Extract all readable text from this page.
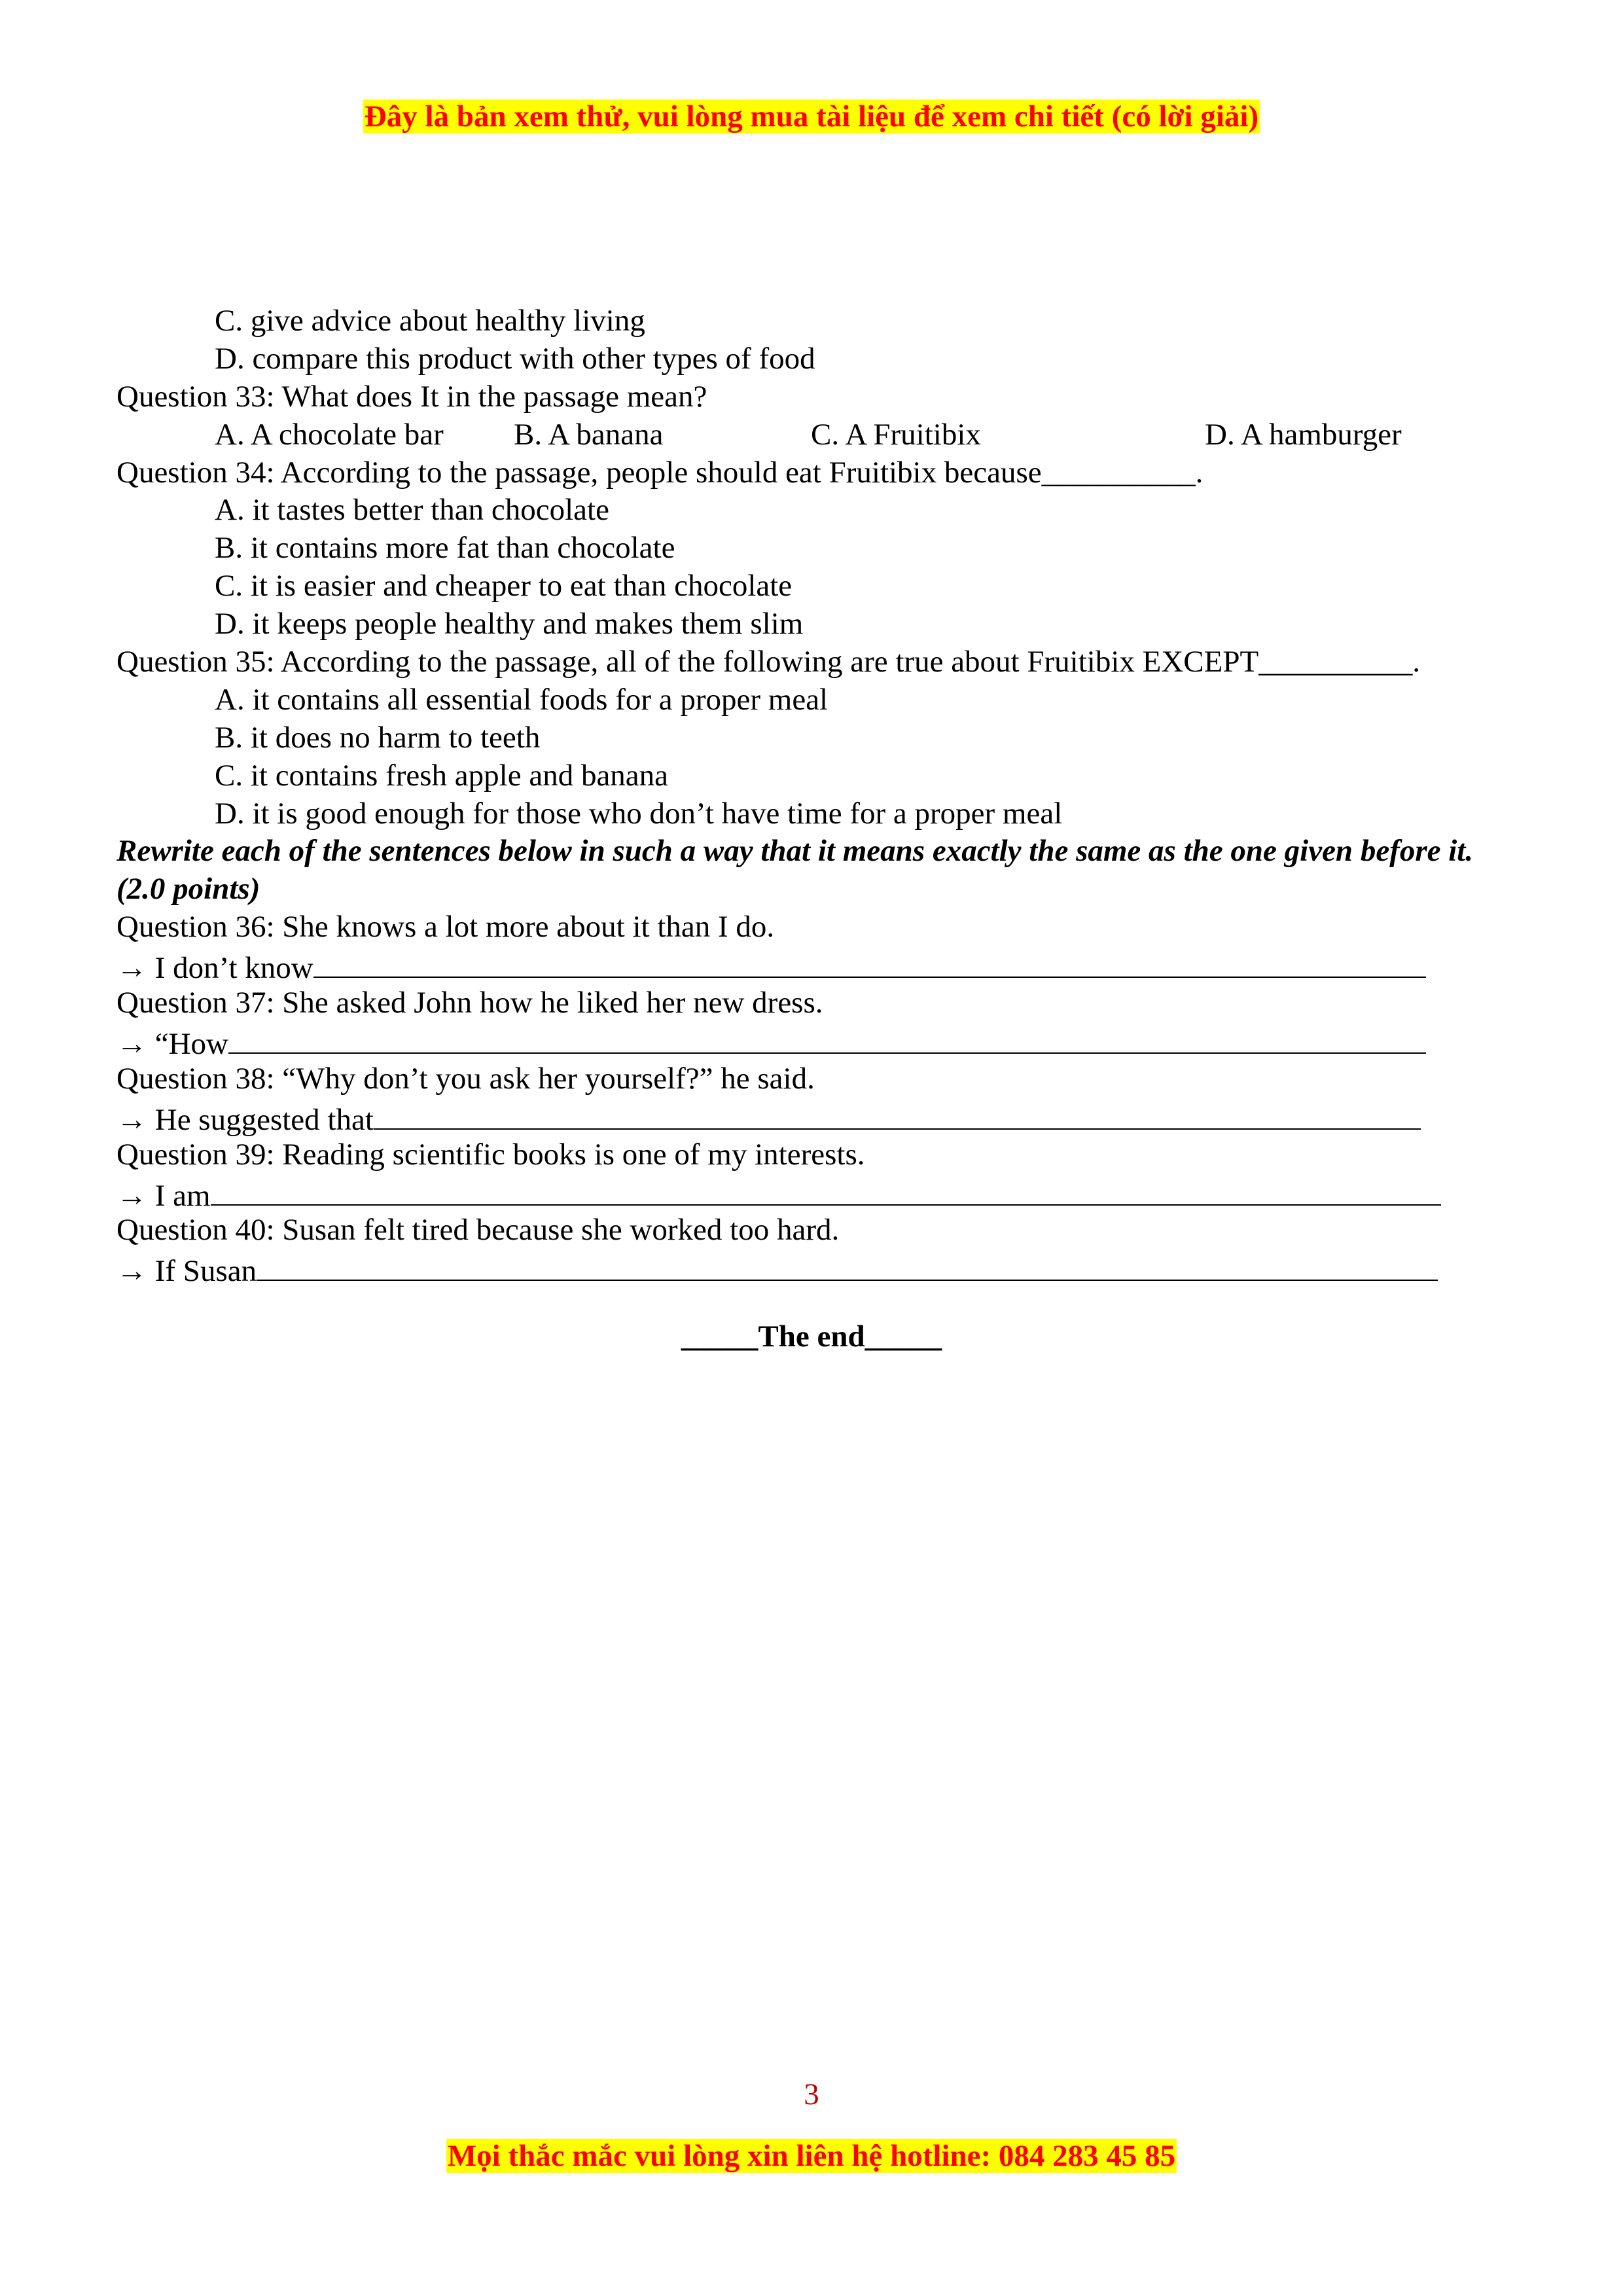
Đây là bản xem thử, vui lòng mua tài liệu để xem chi tiết (có lời giải)
C. give advice about healthy living
D. compare this product with other types of food
Question 33: What does It in the passage mean?
A. A chocolate bar B. A banana	C. A Fruitibix	D. A hamburger
Question 34: According to the passage, people should eat Fruitibix because__________.
A. it tastes better than chocolate
B. it contains more fat than chocolate
C. it is easier and cheaper to eat than chocolate
D. it keeps people healthy and makes them slim
Question 35: According to the passage, all of the following are true about Fruitibix EXCEPT__________.
A. it contains all essential foods for a proper meal
B. it does no harm to teeth
C. it contains fresh apple and banana
D. it is good enough for those who don’t have time for a proper meal
Rewrite each of the sentences below in such a way that it means exactly the same as the one given before it. (2.0 points)
Question 36: She knows a lot more about it than I do.
→ I don’t know
Question 37: She asked John how he liked her new dress.
→ “How
Question 38: “Why don’t you ask her yourself?” he said.
→ He suggested that
Question 39: Reading scientific books is one of my interests.
→ I am
Question 40: Susan felt tired because she worked too hard.
→ If Susan
_____The end_____
3
Mọi thắc mắc vui lòng xin liên hệ hotline: 084 283 45 85
